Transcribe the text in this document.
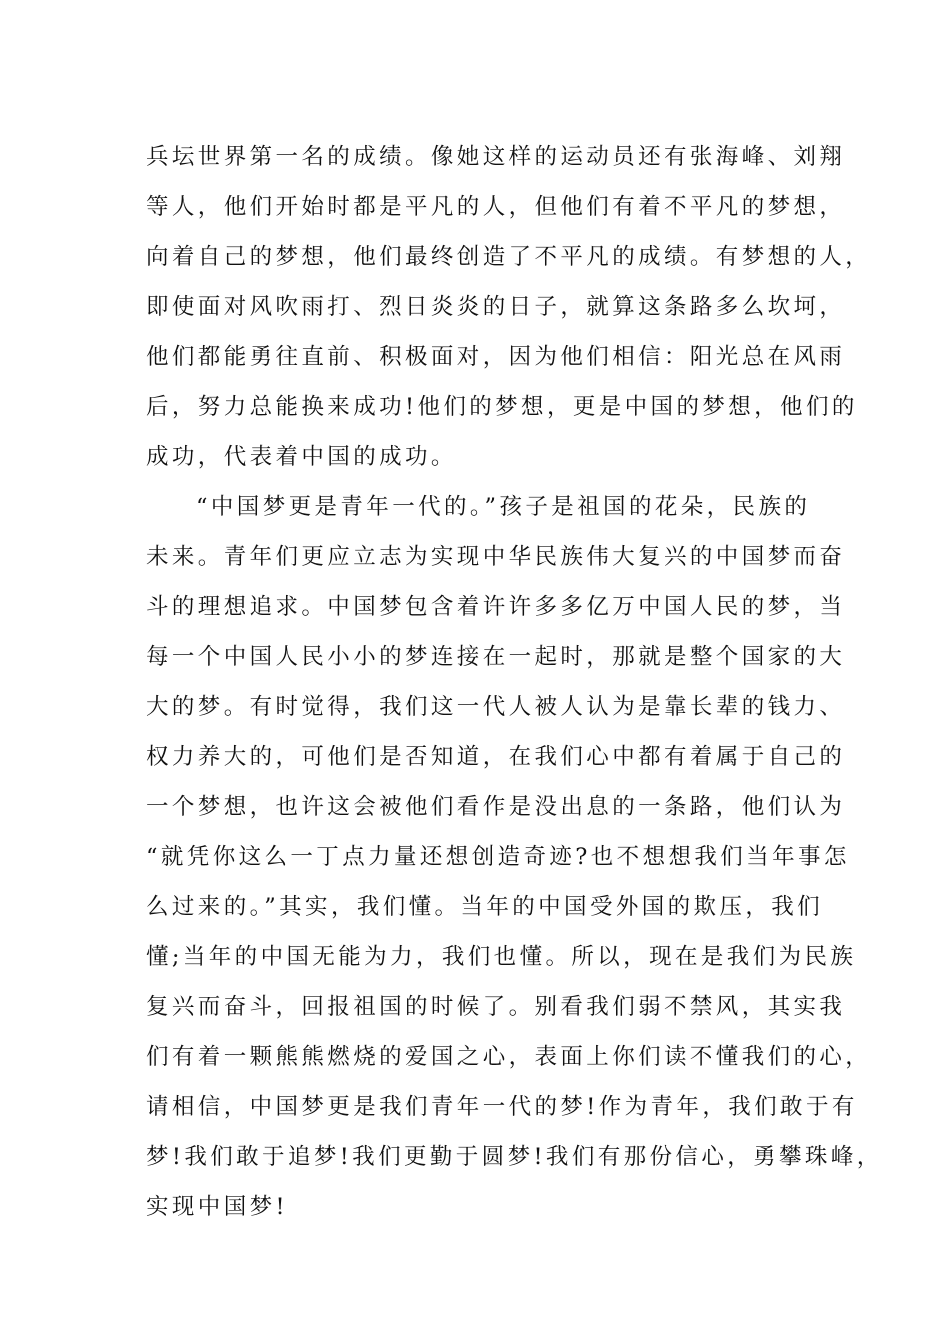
兵坛世界第一名的成绩。像她这样的运动员还有张海峰、刘翔
等人，他们开始时都是平凡的人，但他们有着不平凡的梦想，
向着自己的梦想，他们最终创造了不平凡的成绩。有梦想的人，
即使面对风吹雨打、烈日炎炎的日子，就算这条路多么坎坷，
他们都能勇往直前、积极面对，因为他们相信：阳光总在风雨
后，努力总能换来成功!他们的梦想，更是中国的梦想，他们的
成功，代表着中国的成功。
“中国梦更是青年一代的。”孩子是祖国的花朵，民族的
未来。青年们更应立志为实现中华民族伟大复兴的中国梦而奋
斗的理想追求。中国梦包含着许许多多亿万中国人民的梦，当
每一个中国人民小小的梦连接在一起时，那就是整个国家的大
大的梦。有时觉得，我们这一代人被人认为是靠长辈的钱力、
权力养大的，可他们是否知道，在我们心中都有着属于自己的
一个梦想，也许这会被他们看作是没出息的一条路，他们认为
“就凭你这么一丁点力量还想创造奇迹?也不想想我们当年事怎
么过来的。”其实，我们懂。当年的中国受外国的欺压，我们
懂;当年的中国无能为力，我们也懂。所以，现在是我们为民族
复兴而奋斗，回报祖国的时候了。别看我们弱不禁风，其实我
们有着一颗熊熊燃烧的爱国之心，表面上你们读不懂我们的心，
请相信，中国梦更是我们青年一代的梦!作为青年，我们敢于有
梦!我们敢于追梦!我们更勤于圆梦!我们有那份信心，勇攀珠峰，
实现中国梦!
